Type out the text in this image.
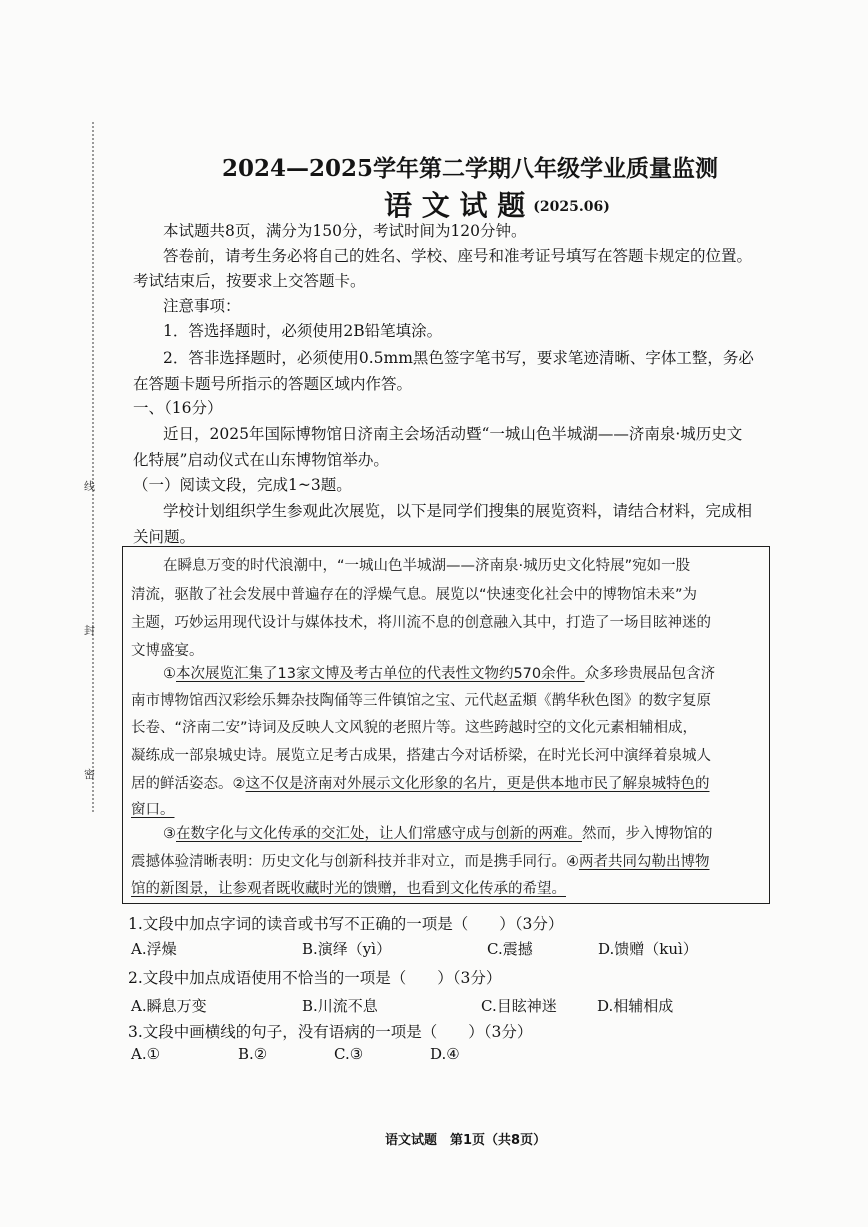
线
封
密
2024—2025学年第二学期八年级学业质量监测
语 文 试 题 (2025.06)
本试题共8页，满分为150分，考试时间为120分钟。
答卷前，请考生务必将自己的姓名、学校、座号和准考证号填写在答题卡规定的位置。
考试结束后，按要求上交答题卡。
注意事项：
1．答选择题时，必须使用2B铅笔填涂。
2．答非选择题时，必须使用0.5mm黑色签字笔书写，要求笔迹清晰、字体工整，务必
在答题卡题号所指示的答题区域内作答。
一、（16分）
近日，2025年国际博物馆日济南主会场活动暨“一城山色半城湖——济南泉·城历史文
化特展”启动仪式在山东博物馆举办。
（一）阅读文段，完成1~3题。
学校计划组织学生参观此次展览，以下是同学们搜集的展览资料，请结合材料，完成相
关问题。
在瞬息万变的时代浪潮中，“一城山色半城湖——济南泉·城历史文化特展”宛如一股
清流，驱散了社会发展中普遍存在的浮燥气息。展览以“快速变化社会中的博物馆未来”为
主题，巧妙运用现代设计与媒体技术，将川流不息的创意融入其中，打造了一场目眩神迷的
文博盛宴。
①本次展览汇集了13家文博及考古单位的代表性文物约570余件。众多珍贵展品包含济
南市博物馆西汉彩绘乐舞杂技陶俑等三件镇馆之宝、元代赵孟頫《鹊华秋色图》的数字复原
长卷、“济南二安”诗词及反映人文风貌的老照片等。这些跨越时空的文化元素相辅相成，
凝练成一部泉城史诗。展览立足考古成果，搭建古今对话桥梁，在时光长河中演绎着泉城人
居的鲜活姿态。②这不仅是济南对外展示文化形象的名片，更是供本地市民了解泉城特色的
窗口。
③在数字化与文化传承的交汇处，让人们常感守成与创新的两难。然而，步入博物馆的
震撼体验清晰表明：历史文化与创新科技并非对立，而是携手同行。④两者共同勾勒出博物
馆的新图景，让参观者既收藏时光的馈赠，也看到文化传承的希望。
1.文段中加点字词的读音或书写不正确的一项是（　　）（3分）
A.浮燥	B.演绎（yì）	C.震撼	D.馈赠（kuì）
2.文段中加点成语使用不恰当的一项是（　　）（3分）
A.瞬息万变	B.川流不息	C.目眩神迷	D.相辅相成
3.文段中画横线的句子，没有语病的一项是（　　）（3分）
A.①	B.②	C.③	D.④
语文试题　第1页（共8页）
